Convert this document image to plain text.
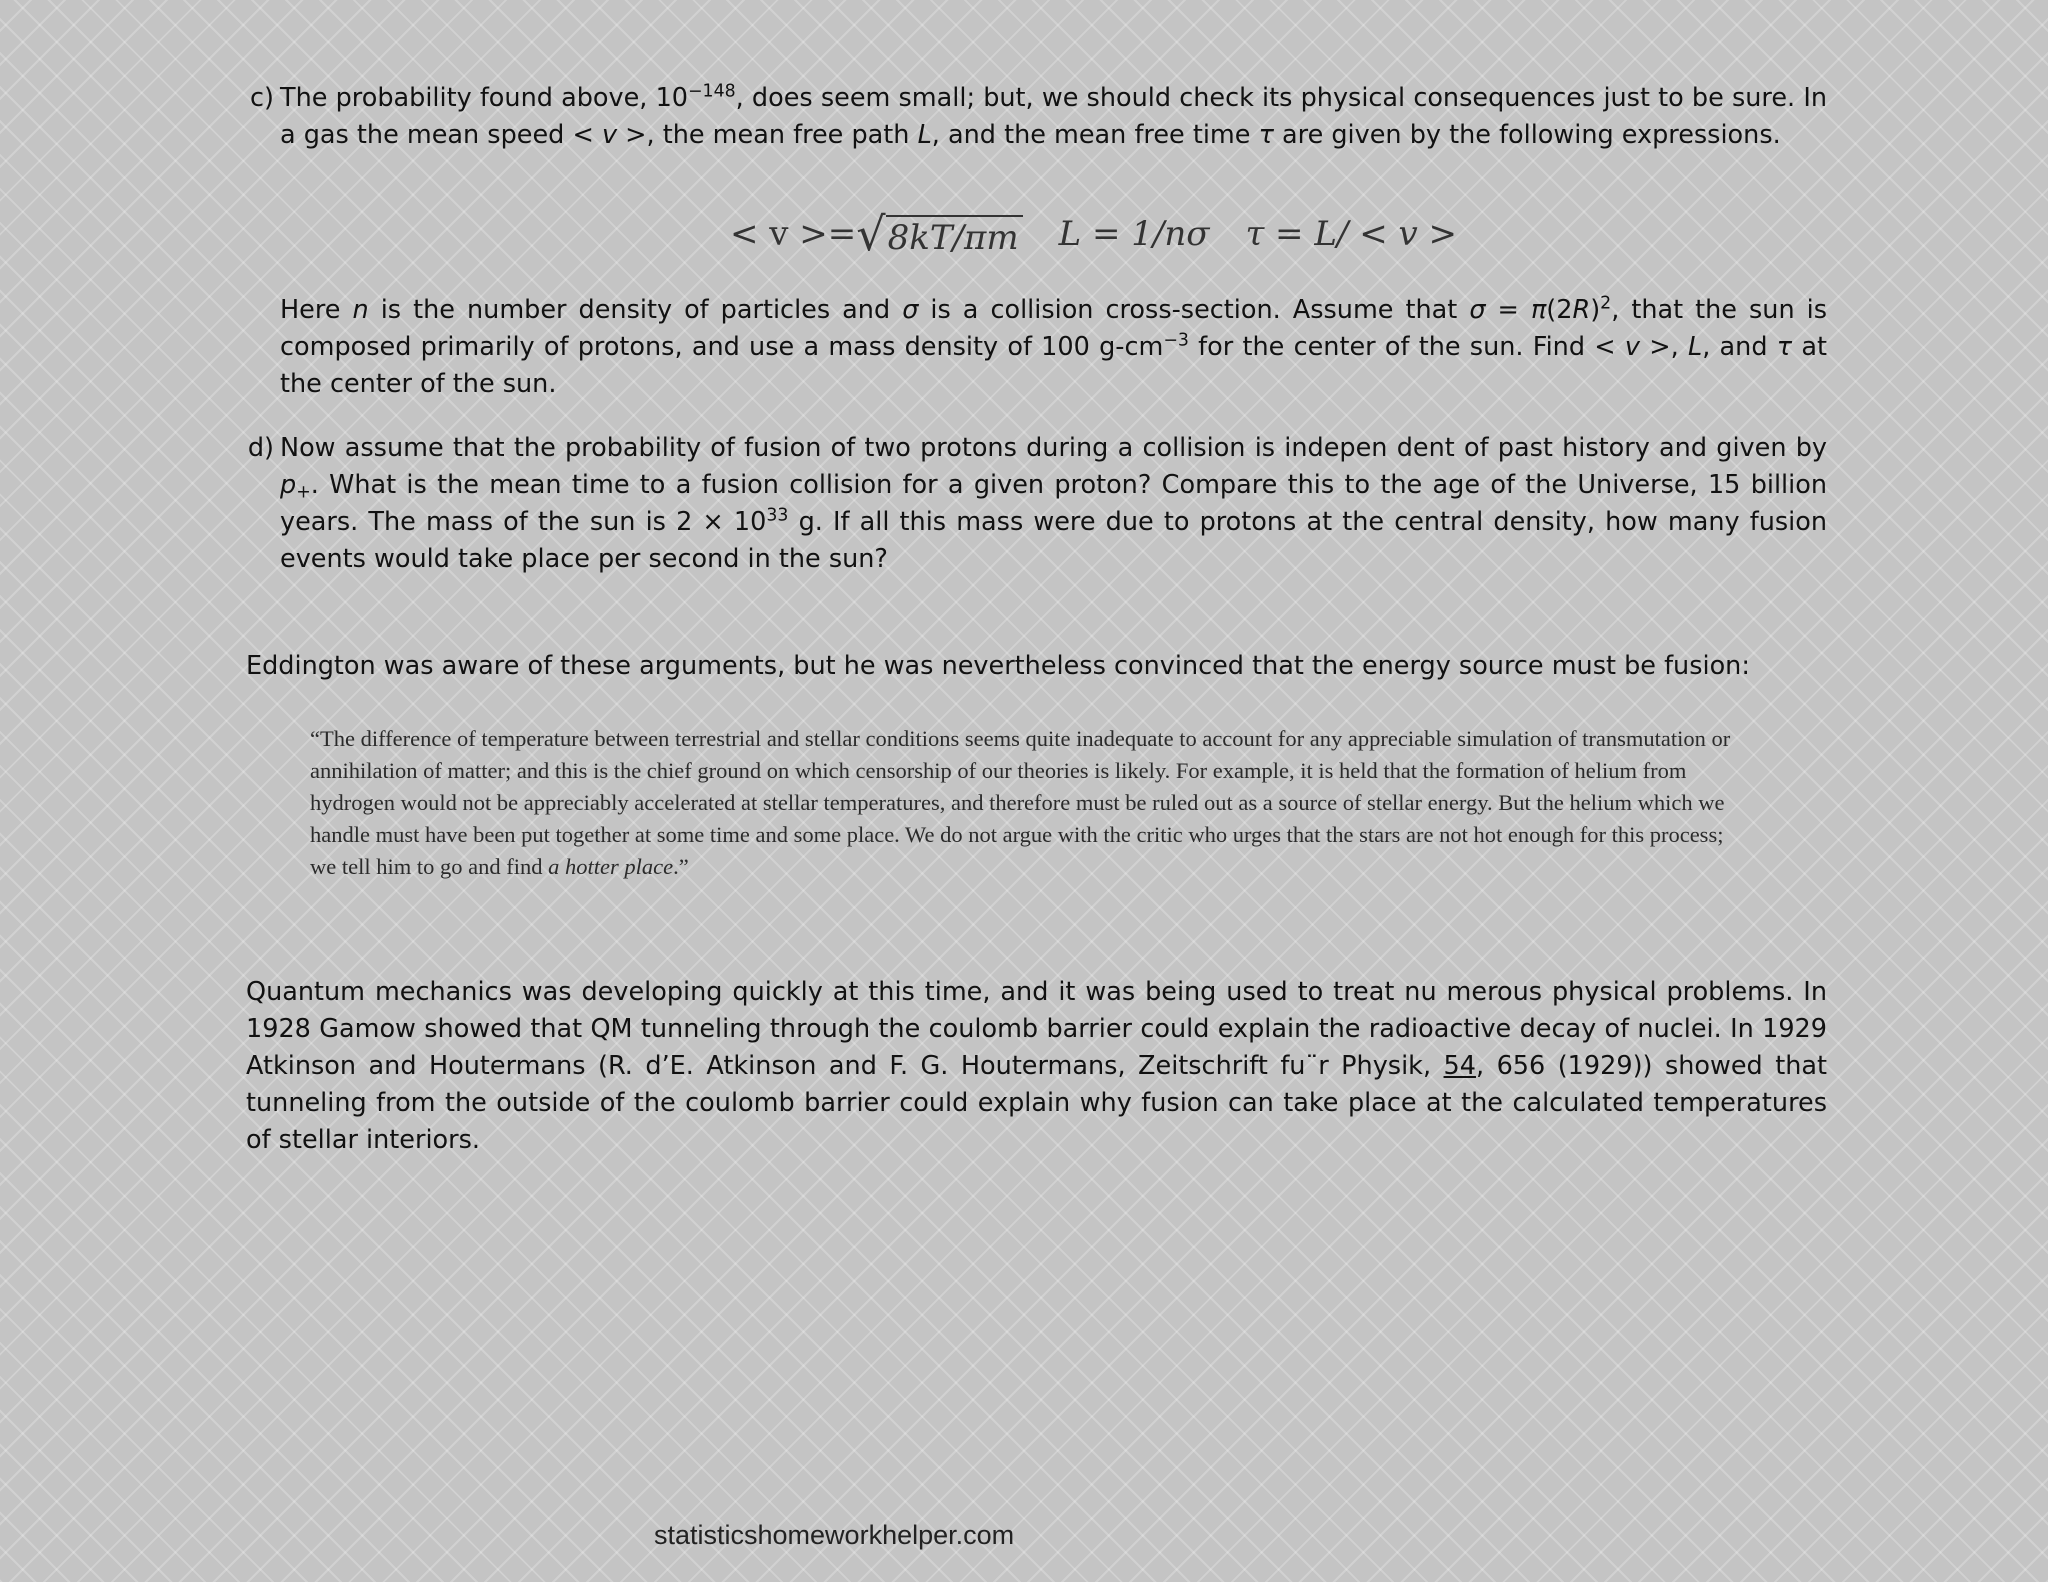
c) The probability found above, $10^{-148}$, does seem small; but, we should check its physical consequences just to be sure. In a gas the mean speed < v >, the mean free path L, and the mean free time τ are given by the following expressions.

< v >= √ 8kT/πm L = 1/nσ τ = L/ < v >

Here n is the number density of particles and σ is a collision cross-section. Assume that $\sigma = \pi(2R)^2$, that the sun is composed primarily of protons, and use a mass density of 100 $g-cm^{-3}$ for the center of the sun. Find < v >, L, and τ at the center of the sun.

d) Now assume that the probability of fusion of two protons during a collision is indepen dent of past history and given by $p_+$. What is the mean time to a fusion collision for a given proton? Compare this to the age of the Universe, 15 billion years. The mass of the sun is $2 \times 10^{33}$ g. If all this mass were due to protons at the central density, how many fusion events would take place per second in the sun?

Eddington was aware of these arguments, but he was nevertheless convinced that the energy source must be fusion:

“The difference of temperature between terrestrial and stellar conditions seems quite inadequate to account for any appreciable simulation of transmutation or annihilation of matter; and this is the chief ground on which censorship of our theories is likely. For example, it is held that the formation of helium from hydrogen would not be appreciably accelerated at stellar temperatures, and therefore must be ruled out as a source of stellar energy. But the helium which we handle must have been put together at some time and some place. We do not argue with the critic who urges that the stars are not hot enough for this process; we tell him to go and find a hotter place.”

Quantum mechanics was developing quickly at this time, and it was being used to treat nu merous physical problems. In 1928 Gamow showed that QM tunneling through the coulomb barrier could explain the radioactive decay of nuclei. In 1929 Atkinson and Houtermans (R. d’E. Atkinson and F. G. Houtermans, Zeitschrift fu¨r Physik, 54, 656 (1929)) showed that tunneling from the outside of the coulomb barrier could explain why fusion can take place at the calculated temperatures of stellar interiors.

statisticshomeworkhelper.com
